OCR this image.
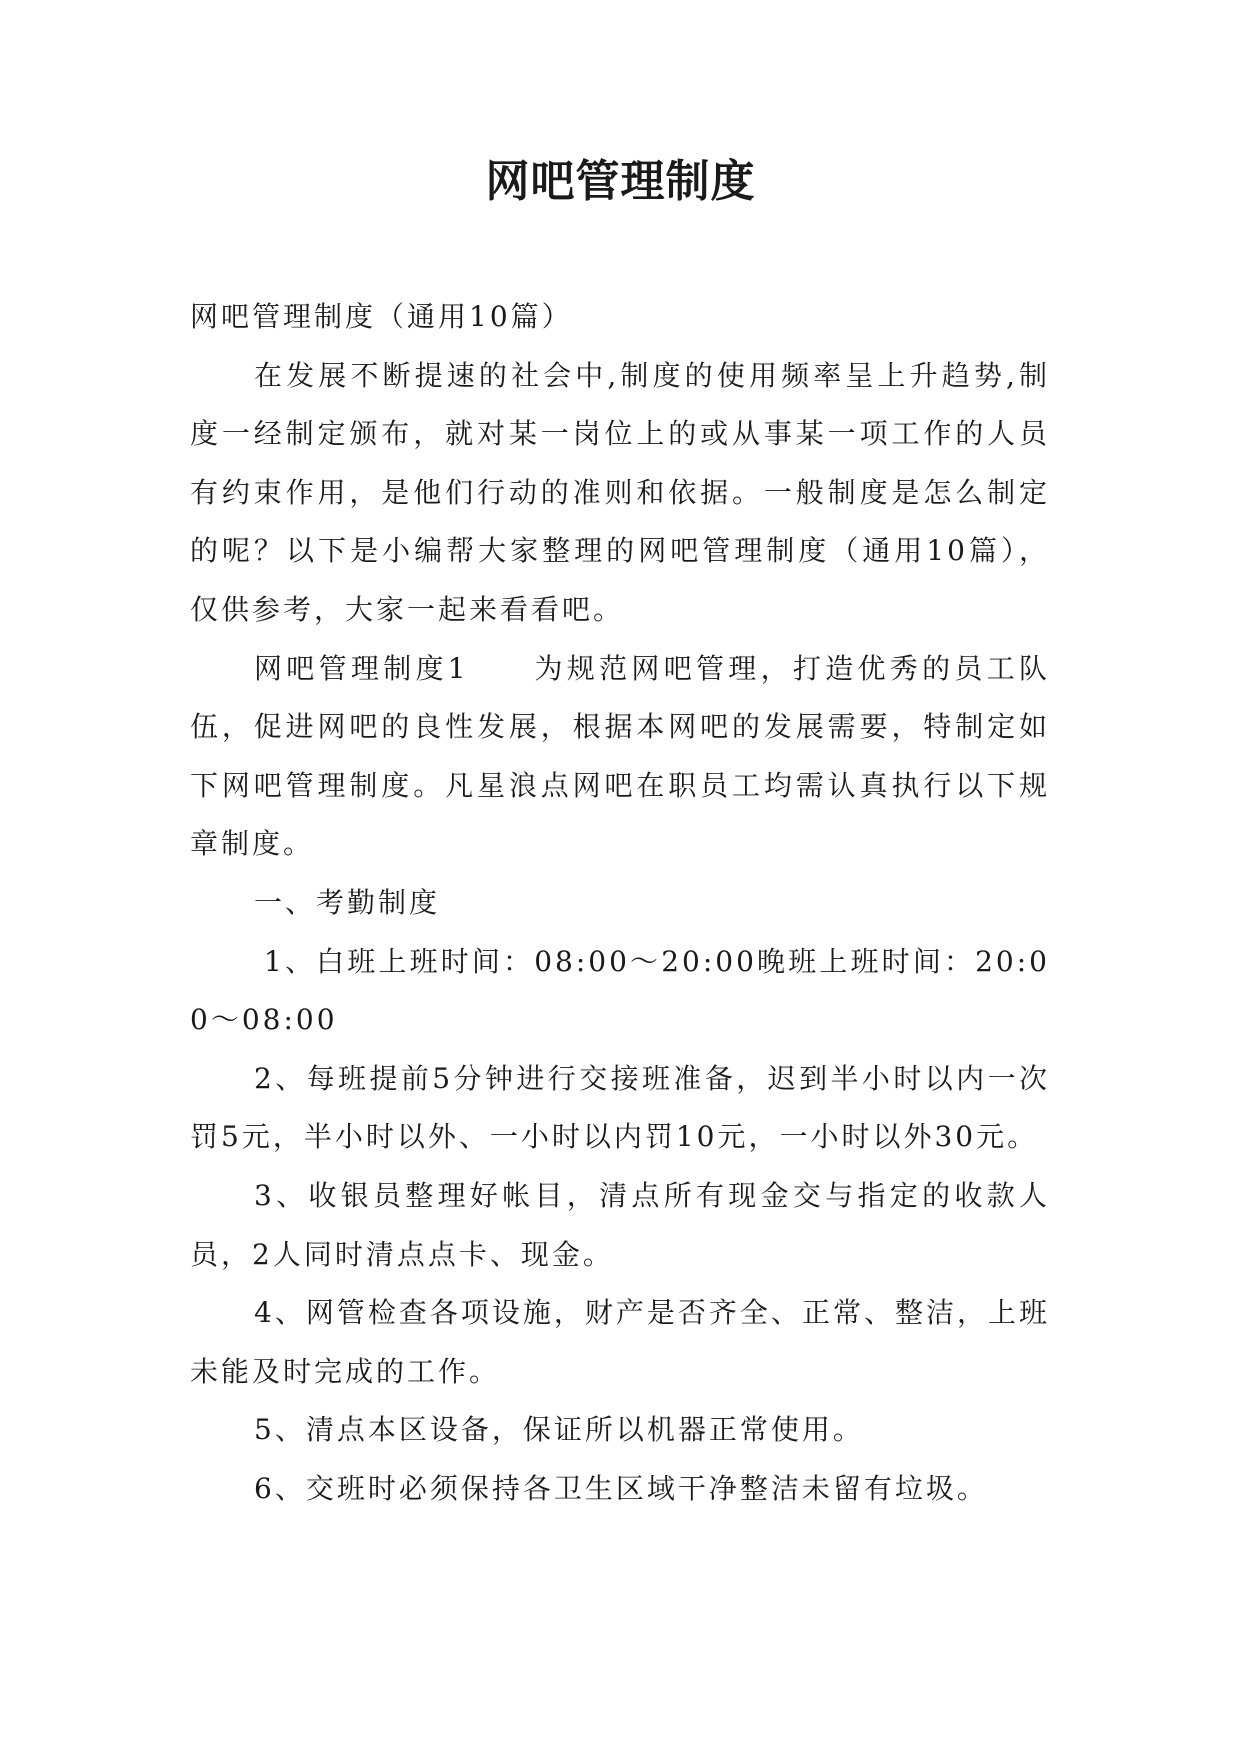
网吧管理制度

网吧管理制度（通用10篇）

在发展不断提速的社会中,制度的使用频率呈上升趋势,制度一经制定颁布，就对某一岗位上的或从事某一项工作的人员有约束作用，是他们行动的准则和依据。一般制度是怎么制定的呢？以下是小编帮大家整理的网吧管理制度（通用10篇），仅供参考，大家一起来看看吧。

网吧管理制度1　　为规范网吧管理，打造优秀的员工队伍，促进网吧的良性发展，根据本网吧的发展需要，特制定如下网吧管理制度。凡星浪点网吧在职员工均需认真执行以下规章制度。

一、考勤制度

1、白班上班时间：08:00～20:00晚班上班时间：20:00～08:00

2、每班提前5分钟进行交接班准备，迟到半小时以内一次罚5元，半小时以外、一小时以内罚10元，一小时以外30元。

3、收银员整理好帐目，清点所有现金交与指定的收款人员，2人同时清点点卡、现金。

4、网管检查各项设施，财产是否齐全、正常、整洁，上班未能及时完成的工作。

5、清点本区设备，保证所以机器正常使用。

6、交班时必须保持各卫生区域干净整洁未留有垃圾。
